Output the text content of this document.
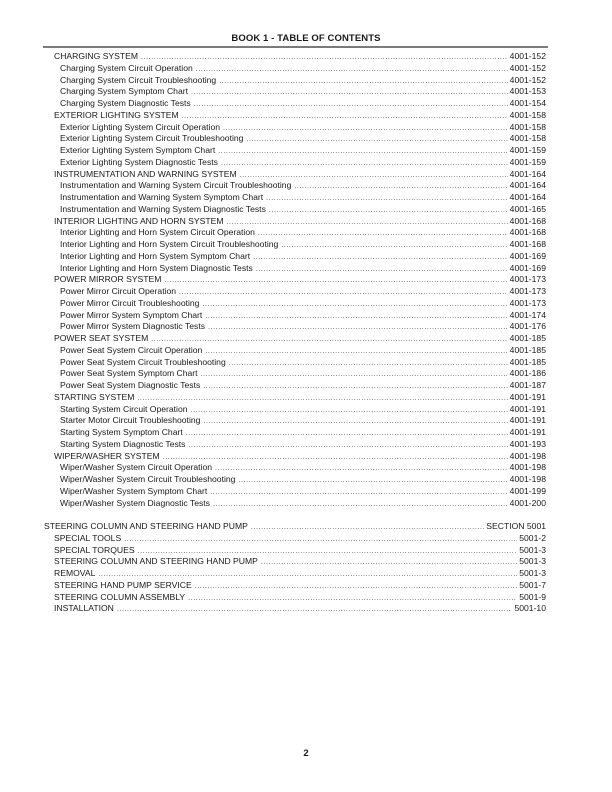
BOOK 1 - TABLE OF CONTENTS
CHARGING SYSTEM .....	4001-152
Charging System Circuit Operation .....	4001-152
Charging System Circuit Troubleshooting .....	4001-152
Charging System Symptom Chart .....	4001-153
Charging System Diagnostic Tests .....	4001-154
EXTERIOR LIGHTING SYSTEM .....	4001-158
Exterior Lighting System Circuit Operation .....	4001-158
Exterior Lighting System Circuit Troubleshooting .....	4001-158
Exterior Lighting System Symptom Chart .....	4001-159
Exterior Lighting System Diagnostic Tests .....	4001-159
INSTRUMENTATION AND WARNING SYSTEM .....	4001-164
Instrumentation and Warning System Circuit Troubleshooting .....	4001-164
Instrumentation and Warning System Symptom Chart .....	4001-164
Instrumentation and Warning System Diagnostic Tests .....	4001-165
INTERIOR LIGHTING AND HORN SYSTEM .....	4001-168
Interior Lighting and Horn System Circuit Operation .....	4001-168
Interior Lighting and Horn System Circuit Troubleshooting .....	4001-168
Interior Lighting and Horn System Symptom Chart .....	4001-169
Interior Lighting and Horn System Diagnostic Tests .....	4001-169
POWER MIRROR SYSTEM .....	4001-173
Power Mirror Circuit Operation .....	4001-173
Power Mirror Circuit Troubleshooting .....	4001-173
Power Mirror System Symptom Chart .....	4001-174
Power Mirror System Diagnostic Tests .....	4001-176
POWER SEAT SYSTEM .....	4001-185
Power Seat System Circuit Operation .....	4001-185
Power Seat System Circuit Troubleshooting .....	4001-185
Power Seat System Symptom Chart .....	4001-186
Power Seat System Diagnostic Tests .....	4001-187
STARTING SYSTEM .....	4001-191
Starting System Circuit Operation .....	4001-191
Starter Motor Circuit Troubleshooting .....	4001-191
Starting System Symptom Chart .....	4001-191
Starting System Diagnostic Tests .....	4001-193
WIPER/WASHER SYSTEM .....	4001-198
Wiper/Washer System Circuit Operation .....	4001-198
Wiper/Washer System Circuit Troubleshooting .....	4001-198
Wiper/Washer System Symptom Chart .....	4001-199
Wiper/Washer System Diagnostic Tests .....	4001-200
STEERING COLUMN AND STEERING HAND PUMP .....	SECTION 5001
SPECIAL TOOLS .....	5001-2
SPECIAL TORQUES .....	5001-3
STEERING COLUMN AND STEERING HAND PUMP .....	5001-3
REMOVAL .....	5001-3
STEERING HAND PUMP SERVICE .....	5001-7
STEERING COLUMN ASSEMBLY .....	5001-9
INSTALLATION .....	5001-10
2
